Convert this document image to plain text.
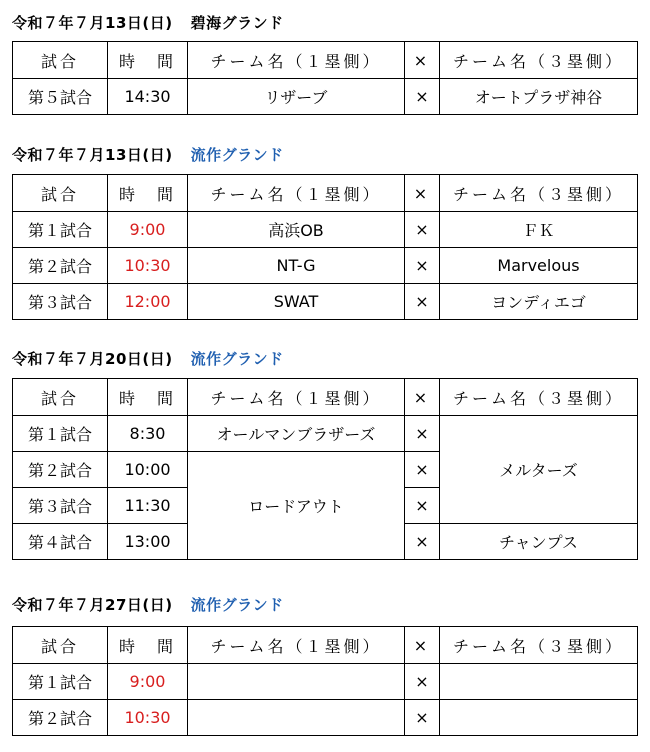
令和７年７月13日(日) 碧海グランド
試合	時　間	チーム名（１塁側）	×	チーム名（３塁側）
第５試合	14:30	リザーブ	×	オートプラザ神谷
令和７年７月13日(日) 流作グランド
試合	時　間	チーム名（１塁側）	×	チーム名（３塁側）
第１試合	9:00	高浜OB	×	ＦＫ
第２試合	10:30	NT-G	×	Marvelous
第３試合	12:00	SWAT	×	ヨンディエゴ
令和７年７月20日(日) 流作グランド
試合	時　間	チーム名（１塁側）	×	チーム名（３塁側）
第１試合	8:30	オールマンブラザーズ	×	メルターズ
第２試合	10:00	ロードアウト	×	
第３試合	11:30		×	
第４試合	13:00		×	チャンプス
令和７年７月27日(日) 流作グランド
試合	時　間	チーム名（１塁側）	×	チーム名（３塁側）
第１試合	9:00		×	
第２試合	10:30		×	
